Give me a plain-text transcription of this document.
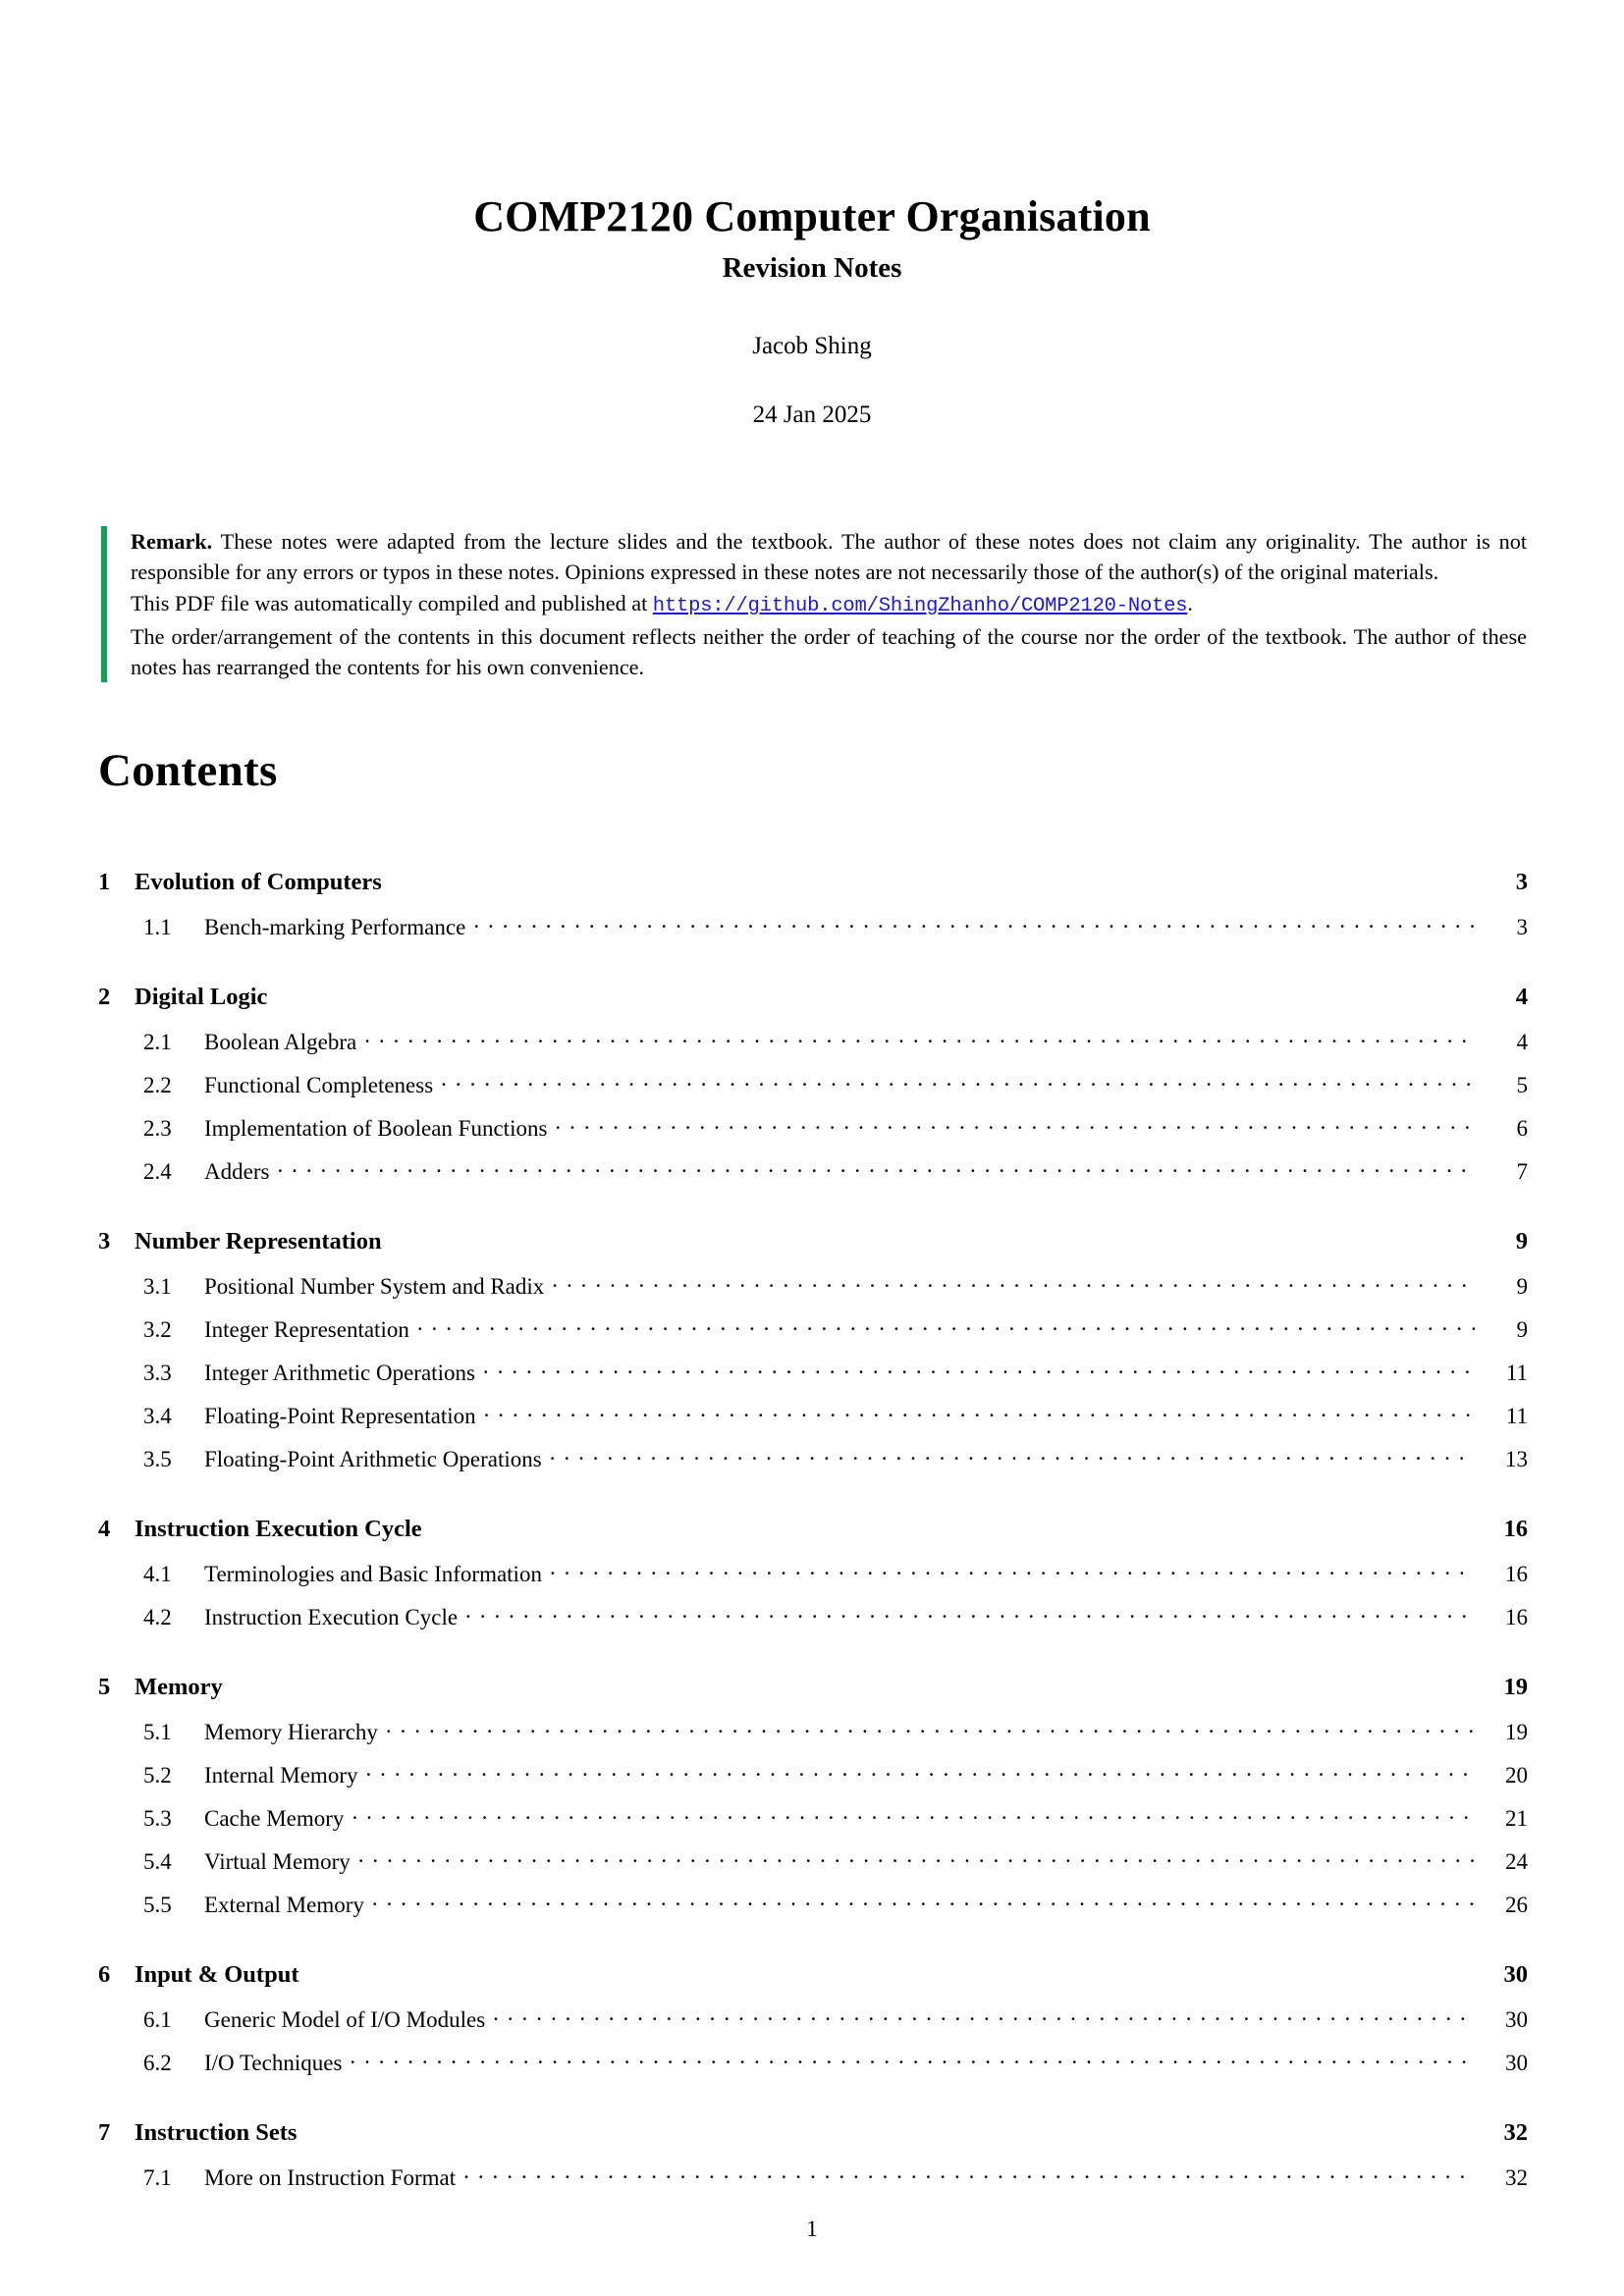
COMP2120 Computer Organisation
Revision Notes
Jacob Shing
24 Jan 2025
Remark. These notes were adapted from the lecture slides and the textbook. The author of these notes does not claim any originality. The author is not responsible for any errors or typos in these notes. Opinions expressed in these notes are not necessarily those of the author(s) of the original materials.
This PDF file was automatically compiled and published at https://github.com/ShingZhanho/COMP2120-Notes.
The order/arrangement of the contents in this document reflects neither the order of teaching of the course nor the order of the textbook. The author of these notes has rearranged the contents for his own convenience.
Contents
1	Evolution of Computers	3
1.1	Bench-marking Performance . . .	3
2	Digital Logic	4
2.1	Boolean Algebra . . .	4
2.2	Functional Completeness . . .	5
2.3	Implementation of Boolean Functions . . .	6
2.4	Adders . . .	7
3	Number Representation	9
3.1	Positional Number System and Radix . . .	9
3.2	Integer Representation . . .	9
3.3	Integer Arithmetic Operations . . .	11
3.4	Floating-Point Representation . . .	11
3.5	Floating-Point Arithmetic Operations . . .	13
4	Instruction Execution Cycle	16
4.1	Terminologies and Basic Information . . .	16
4.2	Instruction Execution Cycle . . .	16
5	Memory	19
5.1	Memory Hierarchy . . .	19
5.2	Internal Memory . . .	20
5.3	Cache Memory . . .	21
5.4	Virtual Memory . . .	24
5.5	External Memory . . .	26
6	Input & Output	30
6.1	Generic Model of I/O Modules . . .	30
6.2	I/O Techniques . . .	30
7	Instruction Sets	32
7.1	More on Instruction Format . . .	32
1
